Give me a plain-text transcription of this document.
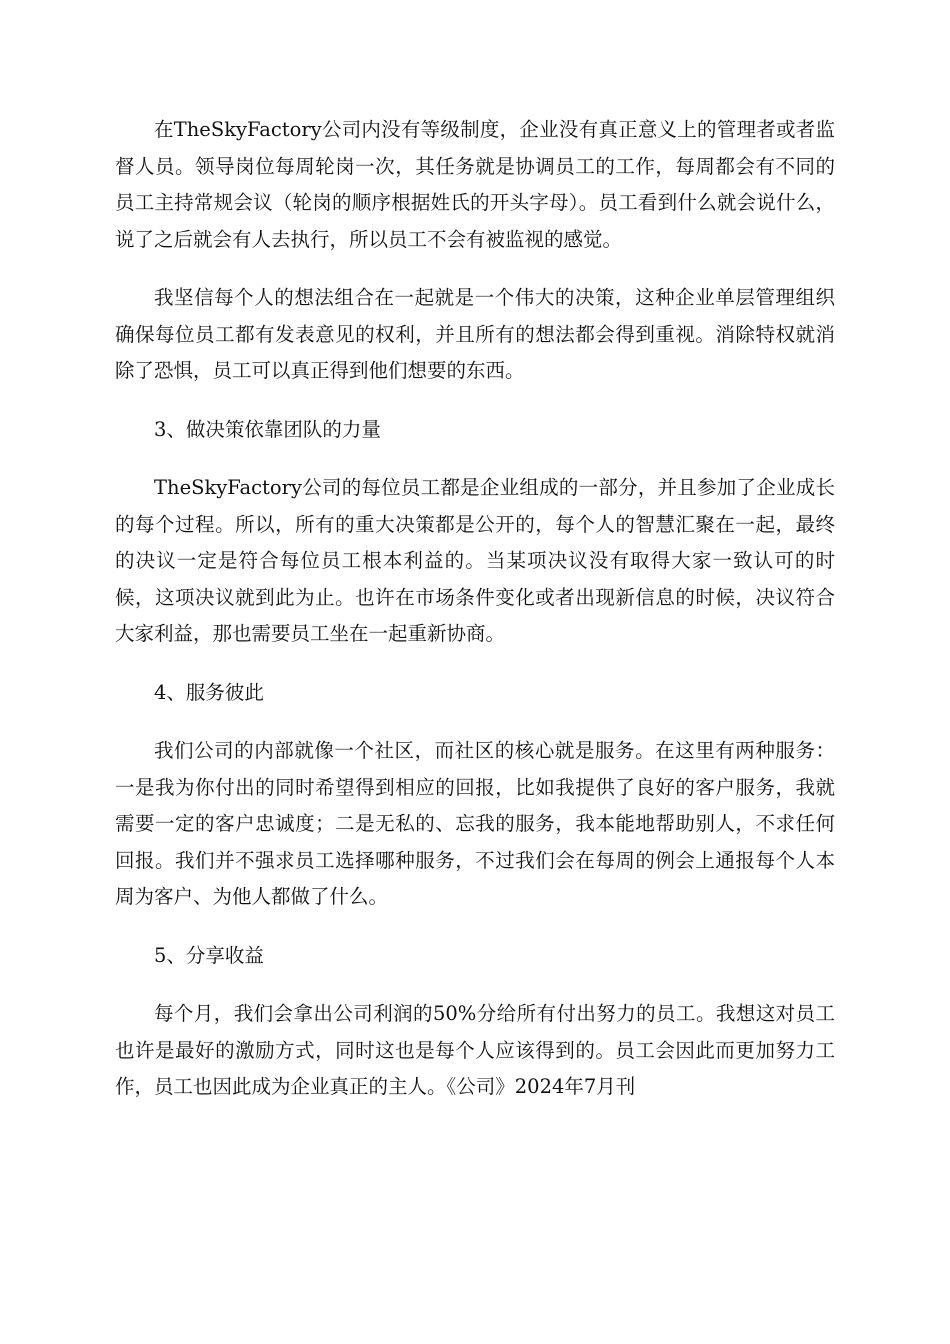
在TheSkyFactory公司内没有等级制度，企业没有真正意义上的管理者或者监督人员。领导岗位每周轮岗一次，其任务就是协调员工的工作，每周都会有不同的员工主持常规会议（轮岗的顺序根据姓氏的开头字母）。员工看到什么就会说什么，说了之后就会有人去执行，所以员工不会有被监视的感觉。

我坚信每个人的想法组合在一起就是一个伟大的决策，这种企业单层管理组织确保每位员工都有发表意见的权利，并且所有的想法都会得到重视。消除特权就消除了恐惧，员工可以真正得到他们想要的东西。

3、做决策依靠团队的力量

TheSkyFactory公司的每位员工都是企业组成的一部分，并且参加了企业成长的每个过程。所以，所有的重大决策都是公开的，每个人的智慧汇聚在一起，最终的决议一定是符合每位员工根本利益的。当某项决议没有取得大家一致认可的时候，这项决议就到此为止。也许在市场条件变化或者出现新信息的时候，决议符合大家利益，那也需要员工坐在一起重新协商。

4、服务彼此

我们公司的内部就像一个社区，而社区的核心就是服务。在这里有两种服务：一是我为你付出的同时希望得到相应的回报，比如我提供了良好的客户服务，我就需要一定的客户忠诚度；二是无私的、忘我的服务，我本能地帮助别人，不求任何回报。我们并不强求员工选择哪种服务，不过我们会在每周的例会上通报每个人本周为客户、为他人都做了什么。

5、分享收益

每个月，我们会拿出公司利润的50%分给所有付出努力的员工。我想这对员工也许是最好的激励方式，同时这也是每个人应该得到的。员工会因此而更加努力工作，员工也因此成为企业真正的主人。《公司》2024年7月刊
